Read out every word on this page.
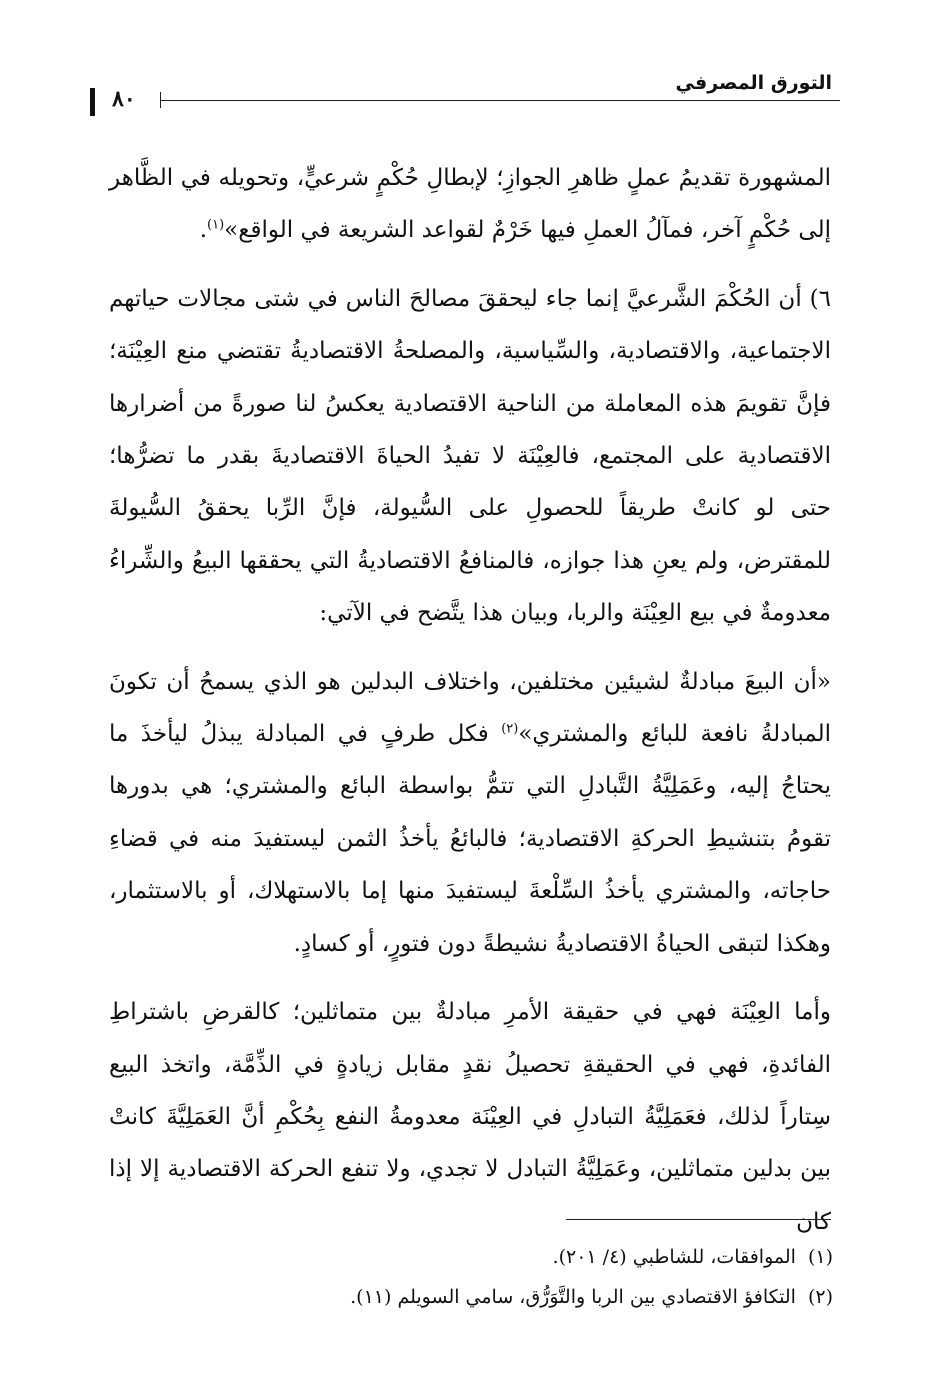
التورق المصرفي
٨٠

المشهورة تقديمُ عملٍ ظاهرِ الجوازِ؛ لإبطالِ حُكْمٍ شرعيٍّ، وتحويله في الظَّاهر إلى حُكْمٍ آخر، فمآلُ العملِ فيها خَرْمٌ لقواعد الشريعة في الواقع»$^{(١)}$.

٦) أن الحُكْمَ الشَّرعيَّ إنما جاء ليحققَ مصالحَ الناس في شتى مجالات حياتهم الاجتماعية، والاقتصادية، والسِّياسية، والمصلحةُ الاقتصاديةُ تقتضي منع العِيْنَة؛ فإنَّ تقويمَ هذه المعاملة من الناحية الاقتصادية يعكسُ لنا صورةً من أضرارها الاقتصادية على المجتمع، فالعِيْنَة لا تفيدُ الحياةَ الاقتصاديةَ بقدر ما تضرُّها؛ حتى لو كانتْ طريقاً للحصولِ على السُّيولة، فإنَّ الرِّبا يحققُ السُّيولةَ للمقترض، ولم يعنِ هذا جوازه، فالمنافعُ الاقتصاديةُ التي يحققها البيعُ والشِّراءُ معدومةٌ في بيع العِيْنَة والربا، وبيان هذا يتَّضح في الآتي:

«أن البيعَ مبادلةٌ لشيئين مختلفين، واختلاف البدلين هو الذي يسمحُ أن تكونَ المبادلةُ نافعة للبائع والمشتري»$^{(٢)}$ فكل طرفٍ في المبادلة يبذلُ ليأخذَ ما يحتاجُ إليه، وعَمَلِيَّةُ التَّبادلِ التي تتمُّ بواسطة البائع والمشتري؛ هي بدورها تقومُ بتنشيطِ الحركةِ الاقتصادية؛ فالبائعُ يأخذُ الثمن ليستفيدَ منه في قضاءِ حاجاته، والمشتري يأخذُ السِّلْعةَ ليستفيدَ منها إما بالاستهلاك، أو بالاستثمار، وهكذا لتبقى الحياةُ الاقتصاديةُ نشيطةً دون فتورٍ، أو كسادٍ.

وأما العِيْنَة فهي في حقيقة الأمرِ مبادلةٌ بين متماثلين؛ كالقرضِ باشتراطِ الفائدةِ، فهي في الحقيقةِ تحصيلُ نقدٍ مقابل زيادةٍ في الذِّمَّة، واتخذ البيع سِتاراً لذلك، فعَمَلِيَّةُ التبادلِ في العِيْنَة معدومةُ النفع بِحُكْمِ أنَّ العَمَلِيَّةَ كانتْ بين بدلين متماثلين، وعَمَلِيَّةُ التبادل لا تجدي، ولا تنفع الحركة الاقتصادية إلا إذا كان

(١)الموافقات، للشاطبي (٤/ ٢٠١).

(٢)التكافؤ الاقتصادي بين الربا والتَّوَرُّق، سامي السويلم (١١).
